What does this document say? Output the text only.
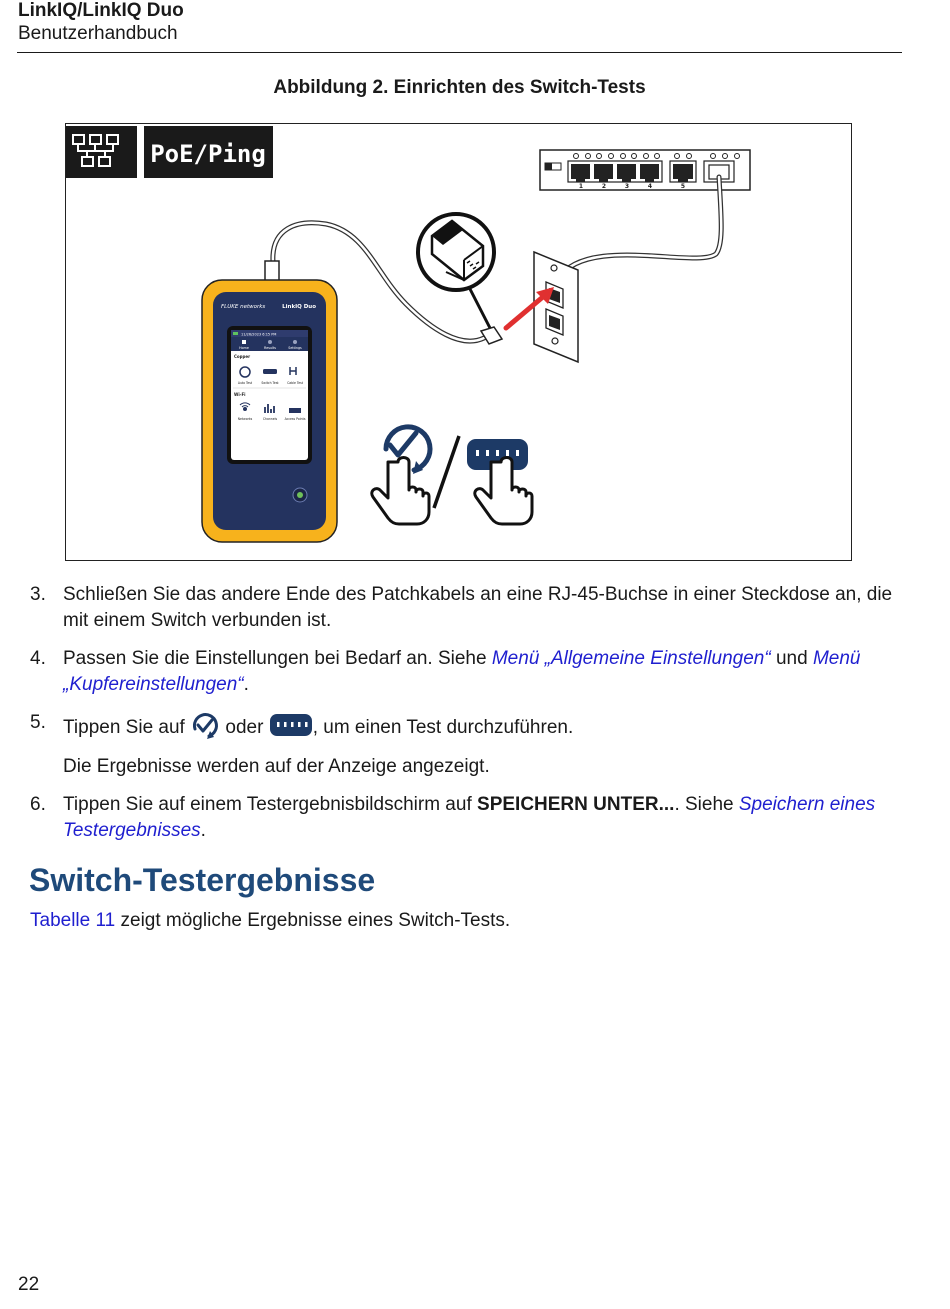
LinkIQ/LinkIQ Duo
Benutzerhandbuch
Abbildung 2. Einrichten des Switch-Tests
PoE/Ping
1	2	3	4	5
FLUKE networks	LinkIQ Duo
11/26/2023 6:15 PM
Home	Results	Settings
Copper
Auto Test	Switch Test	Cable Test
Wi-Fi
Networks	Channels Access Points
3. Schließen Sie das andere Ende des Patchkabels an eine RJ-45-Buchse in einer Steckdose an, die mit einem Switch verbunden ist.

4. Passen Sie die Einstellungen bei Bedarf an. Siehe Menü „Allgemeine Einstellungen“ und Menü „Kupfereinstellungen“.

5. Tippen Sie auf  oder , um einen Test durchzuführen.

Die Ergebnisse werden auf der Anzeige angezeigt.

6. Tippen Sie auf einem Testergebnisbildschirm auf SPEICHERN UNTER.... Siehe Speichern eines Testergebnisses.

Switch-Testergebnisse
Tabelle 11 zeigt mögliche Ergebnisse eines Switch-Tests.
22
